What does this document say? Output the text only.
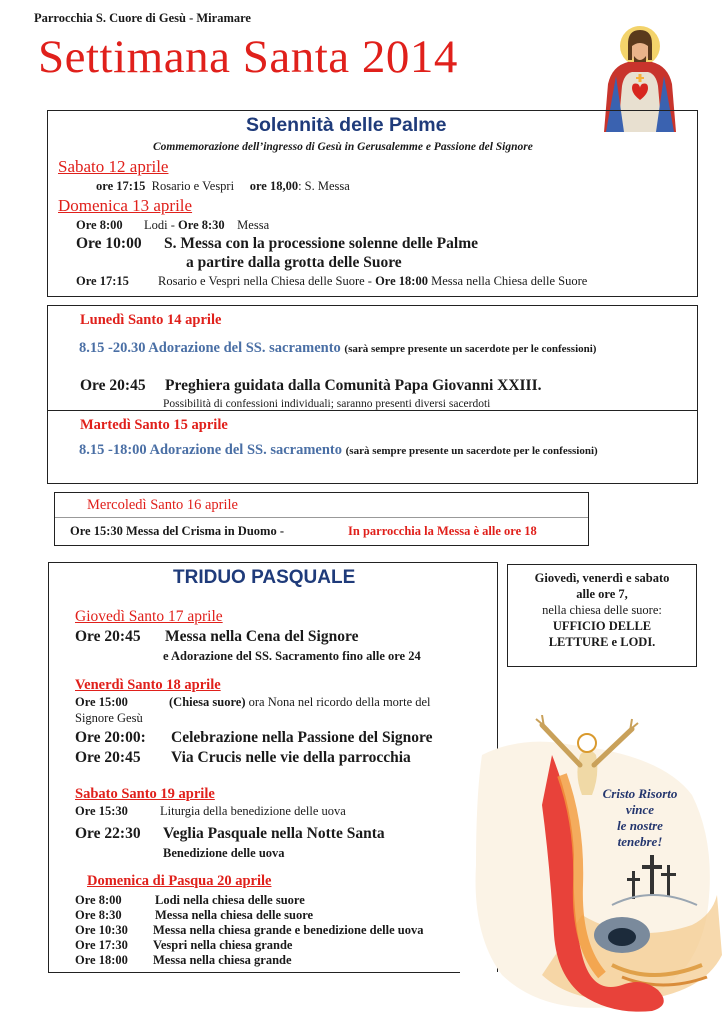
Parrocchia S. Cuore di Gesù - Miramare
Settimana Santa 2014
Solennità delle Palme
Commemorazione dell’ingresso di Gesù in Gerusalemme e Passione del Signore
Sabato 12 aprile
ore 17:15 Rosario e Vespri ore 18,00: S. Messa
Domenica 13 aprile
Ore 8:00 Lodi - Ore 8:30 Messa
Ore 10:00 S. Messa con la processione solenne delle Palme
a partire dalla grotta delle Suore
Ore 17:15 Rosario e Vespri nella Chiesa delle Suore - Ore 18:00 Messa nella Chiesa delle Suore
Lunedì Santo 14 aprile
8.15 -20.30 Adorazione del SS. sacramento (sarà sempre presente un sacerdote per le confessioni)
Ore 20:45 Preghiera guidata dalla Comunità Papa Giovanni XXIII.
Possibilità di confessioni individuali; saranno presenti diversi sacerdoti
Martedì Santo 15 aprile
8.15 -18:00 Adorazione del SS. sacramento (sarà sempre presente un sacerdote per le confessioni)
Mercoledì Santo 16 aprile
Ore 15:30 Messa del Crisma in Duomo -	In parrocchia la Messa è alle ore 18
TRIDUO PASQUALE
Giovedì Santo 17 aprile
Ore 20:45 Messa nella Cena del Signore
e Adorazione del SS. Sacramento fino alle ore 24
Venerdì Santo 18 aprile
Ore 15:00	(Chiesa suore) ora Nona nel ricordo della morte del
Signore Gesù
Ore 20:00: Celebrazione nella Passione del Signore
Ore 20:45 Via Crucis nelle vie della parrocchia
Sabato Santo 19 aprile
Ore 15:30	Liturgia della benedizione delle uova
Ore 22:30 Veglia Pasquale nella Notte Santa
Benedizione delle uova
Domenica di Pasqua 20 aprile
Ore 8:00	Lodi nella chiesa delle suore
Ore 8:30	Messa nella chiesa delle suore
Ore 10:30 Messa nella chiesa grande e benedizione delle uova
Ore 17:30 Vespri nella chiesa grande
Ore 18:00 Messa nella chiesa grande
Giovedì, venerdì e sabato
alle ore 7,
nella chiesa delle suore:
UFFICIO DELLE
LETTURE e LODI.
Cristo Risorto
vince
le nostre
tenebre!
